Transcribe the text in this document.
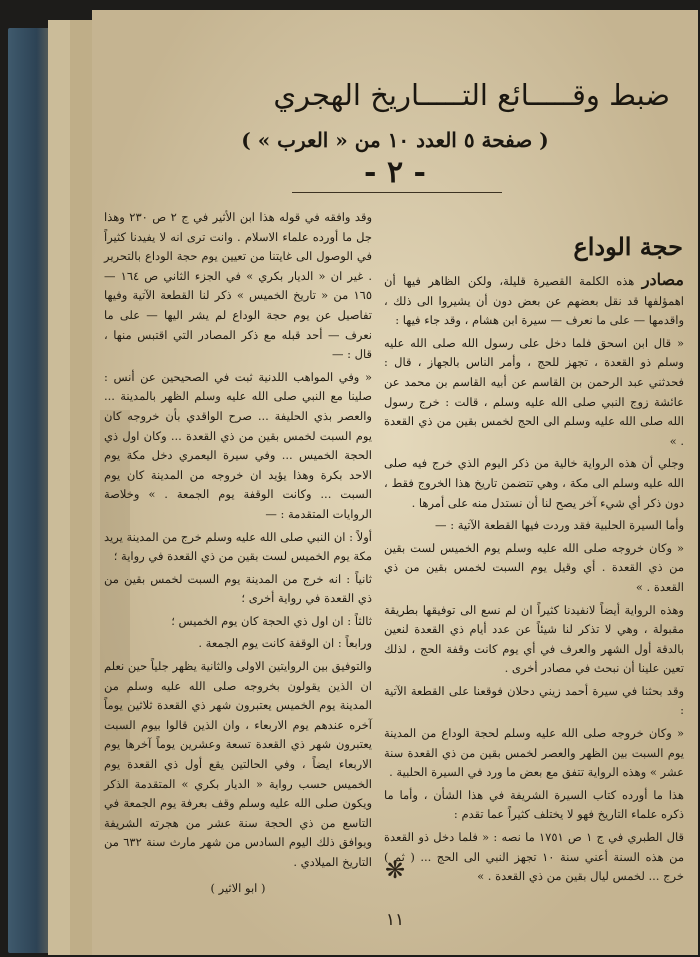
ضبط وقـــــائع التـــــاريخ الهجري
( صفحة ٥ العدد ١٠ من « العرب » )
- ٢ -
حجة الوداع

مصادر هذه الكلمة القصيرة قليلة، ولكن الظاهر فيها أن اهمؤلفها قد نقل بعضهم عن بعض دون أن يشيروا الى ذلك ، واقدمها — على ما نعرف — سيرة ابن هشام ، وقد جاء فيها :

« قال ابن اسحق فلما دخل على رسول الله صلى الله عليه وسلم ذو القعدة ، تجهز للحج ، وأمر الناس بالجهاز ، قال : فحدثني عبد الرحمن بن القاسم عن أبيه القاسم بن محمد عن عائشة زوج النبي صلى الله عليه وسلم ، قالت : خرج رسول الله صلى الله عليه وسلم الى الحج لخمس بقين من ذي القعدة . »

وجلي أن هذه الرواية خالية من ذكر اليوم الذي خرج فيه صلى الله عليه وسلم الى مكة ، وهي تتضمن تاريخ هذا الخروج فقط ، دون ذكر أي شيء آخر يصح لنا أن نستدل منه على أمرها .

وأما السيرة الحلبية فقد وردت فيها القطعة الآتية : —

« وكان خروجه صلى الله عليه وسلم يوم الخميس لست بقين من ذي القعدة . أي وقيل يوم السبت لخمس بقين من ذي القعدة . »

وهذه الرواية أيضاً لانفيدنا كثيراً ان لم نسع الى توفيقها بطريقة مقبولة ، وهي لا تذكر لنا شيئاً عن عدد أيام ذي القعدة لنعين بالدقة أول الشهر والعرف في أي يوم كانت وقفة الحج ، لذلك تعين علينا أن نبحث في مصادر أخرى .

وقد بحثنا في سيرة أحمد زيني دحلان فوقعنا على القطعة الآتية :

« وكان خروجه صلى الله عليه وسلم لحجة الوداع من المدينة يوم السبت بين الظهر والعصر لخمس بقين من ذي القعدة سنة عشر » وهذه الرواية تتفق مع بعض ما ورد في السيرة الحلبية .

هذا ما أورده كتاب السيرة الشريفة في هذا الشأن ، وأما ما ذكره علماء التاريخ فهو لا يختلف كثيراً عما تقدم :

قال الطبري في ج ١ ص ١٧٥١ ما نصه : « فلما دخل ذو القعدة من هذه السنة أعني سنة ١٠ تجهز النبي الى الحج ... ( ثم ) خرج ... لخمس ليال بقين من ذي القعدة . »

وقد وافقه في قوله هذا ابن الأثير في ج ٢ ص ٢٣٠ وهذا جل ما أورده علماء الاسلام . وانت ترى انه لا يفيدنا كثيراً في الوصول الى غايتنا من تعيين يوم حجة الوداع بالتحرير . غير ان « الديار بكري » في الجزء الثاني ص ١٦٤ — ١٦٥ من « تاريخ الخميس » ذكر لنا القطعة الآتية وفيها تفاصيل عن يوم حجة الوداع لم يشر اليها — على ما نعرف — أحد قبله مع ذكر المصادر التي اقتبس منها ، قال : —

« وفي المواهب اللدنية ثبت في الصحيحين عن أنس : صلينا مع النبي صلى الله عليه وسلم الظهر بالمدينة ... والعصر بذي الحليفة ... صرح الواقدي بأن خروجه كان يوم السبت لخمس بقين من ذي القعدة ... وكان اول ذي الحجة الخميس ... وفي سيرة اليعمري دخل مكة يوم الاحد بكرة وهذا يؤيد ان خروجه من المدينة كان يوم السبت ... وكانت الوقفة يوم الجمعة . » وخلاصة الروايات المتقدمة : —

أولاً : ان النبي صلى الله عليه وسلم خرج من المدينة يريد مكة يوم الخميس لست بقين من ذي القعدة في رواية ؛

ثانياً : انه خرج من المدينة يوم السبت لخمس بقين من ذي القعدة في رواية أخرى ؛

ثالثاً : ان اول ذي الحجة كان يوم الخميس ؛

ورابعاً : ان الوقفة كانت يوم الجمعة .

والتوفيق بين الروايتين الاولى والثانية يظهر جلياً حين نعلم ان الذين يقولون بخروجه صلى الله عليه وسلم من المدينة يوم الخميس يعتبرون شهر ذي القعدة ثلاثين يوماً آخره عندهم يوم الاربعاء ، وان الذين قالوا بيوم السبت يعتبرون شهر ذي القعدة تسعة وعشرين يوماً آخرها يوم الاربعاء ايضاً ، وفي الحالتين يقع أول ذي القعدة يوم الخميس حسب رواية « الديار بكري » المتقدمة الذكر ويكون صلى الله عليه وسلم وقف بعرفة يوم الجمعة في التاسع من ذي الحجة سنة عشر من هجرته الشريفة ويوافق ذلك اليوم السادس من شهر مارث سنة ٦٣٢ من التاريخ الميلادي .

( ابو الاثير )

❋
١١
